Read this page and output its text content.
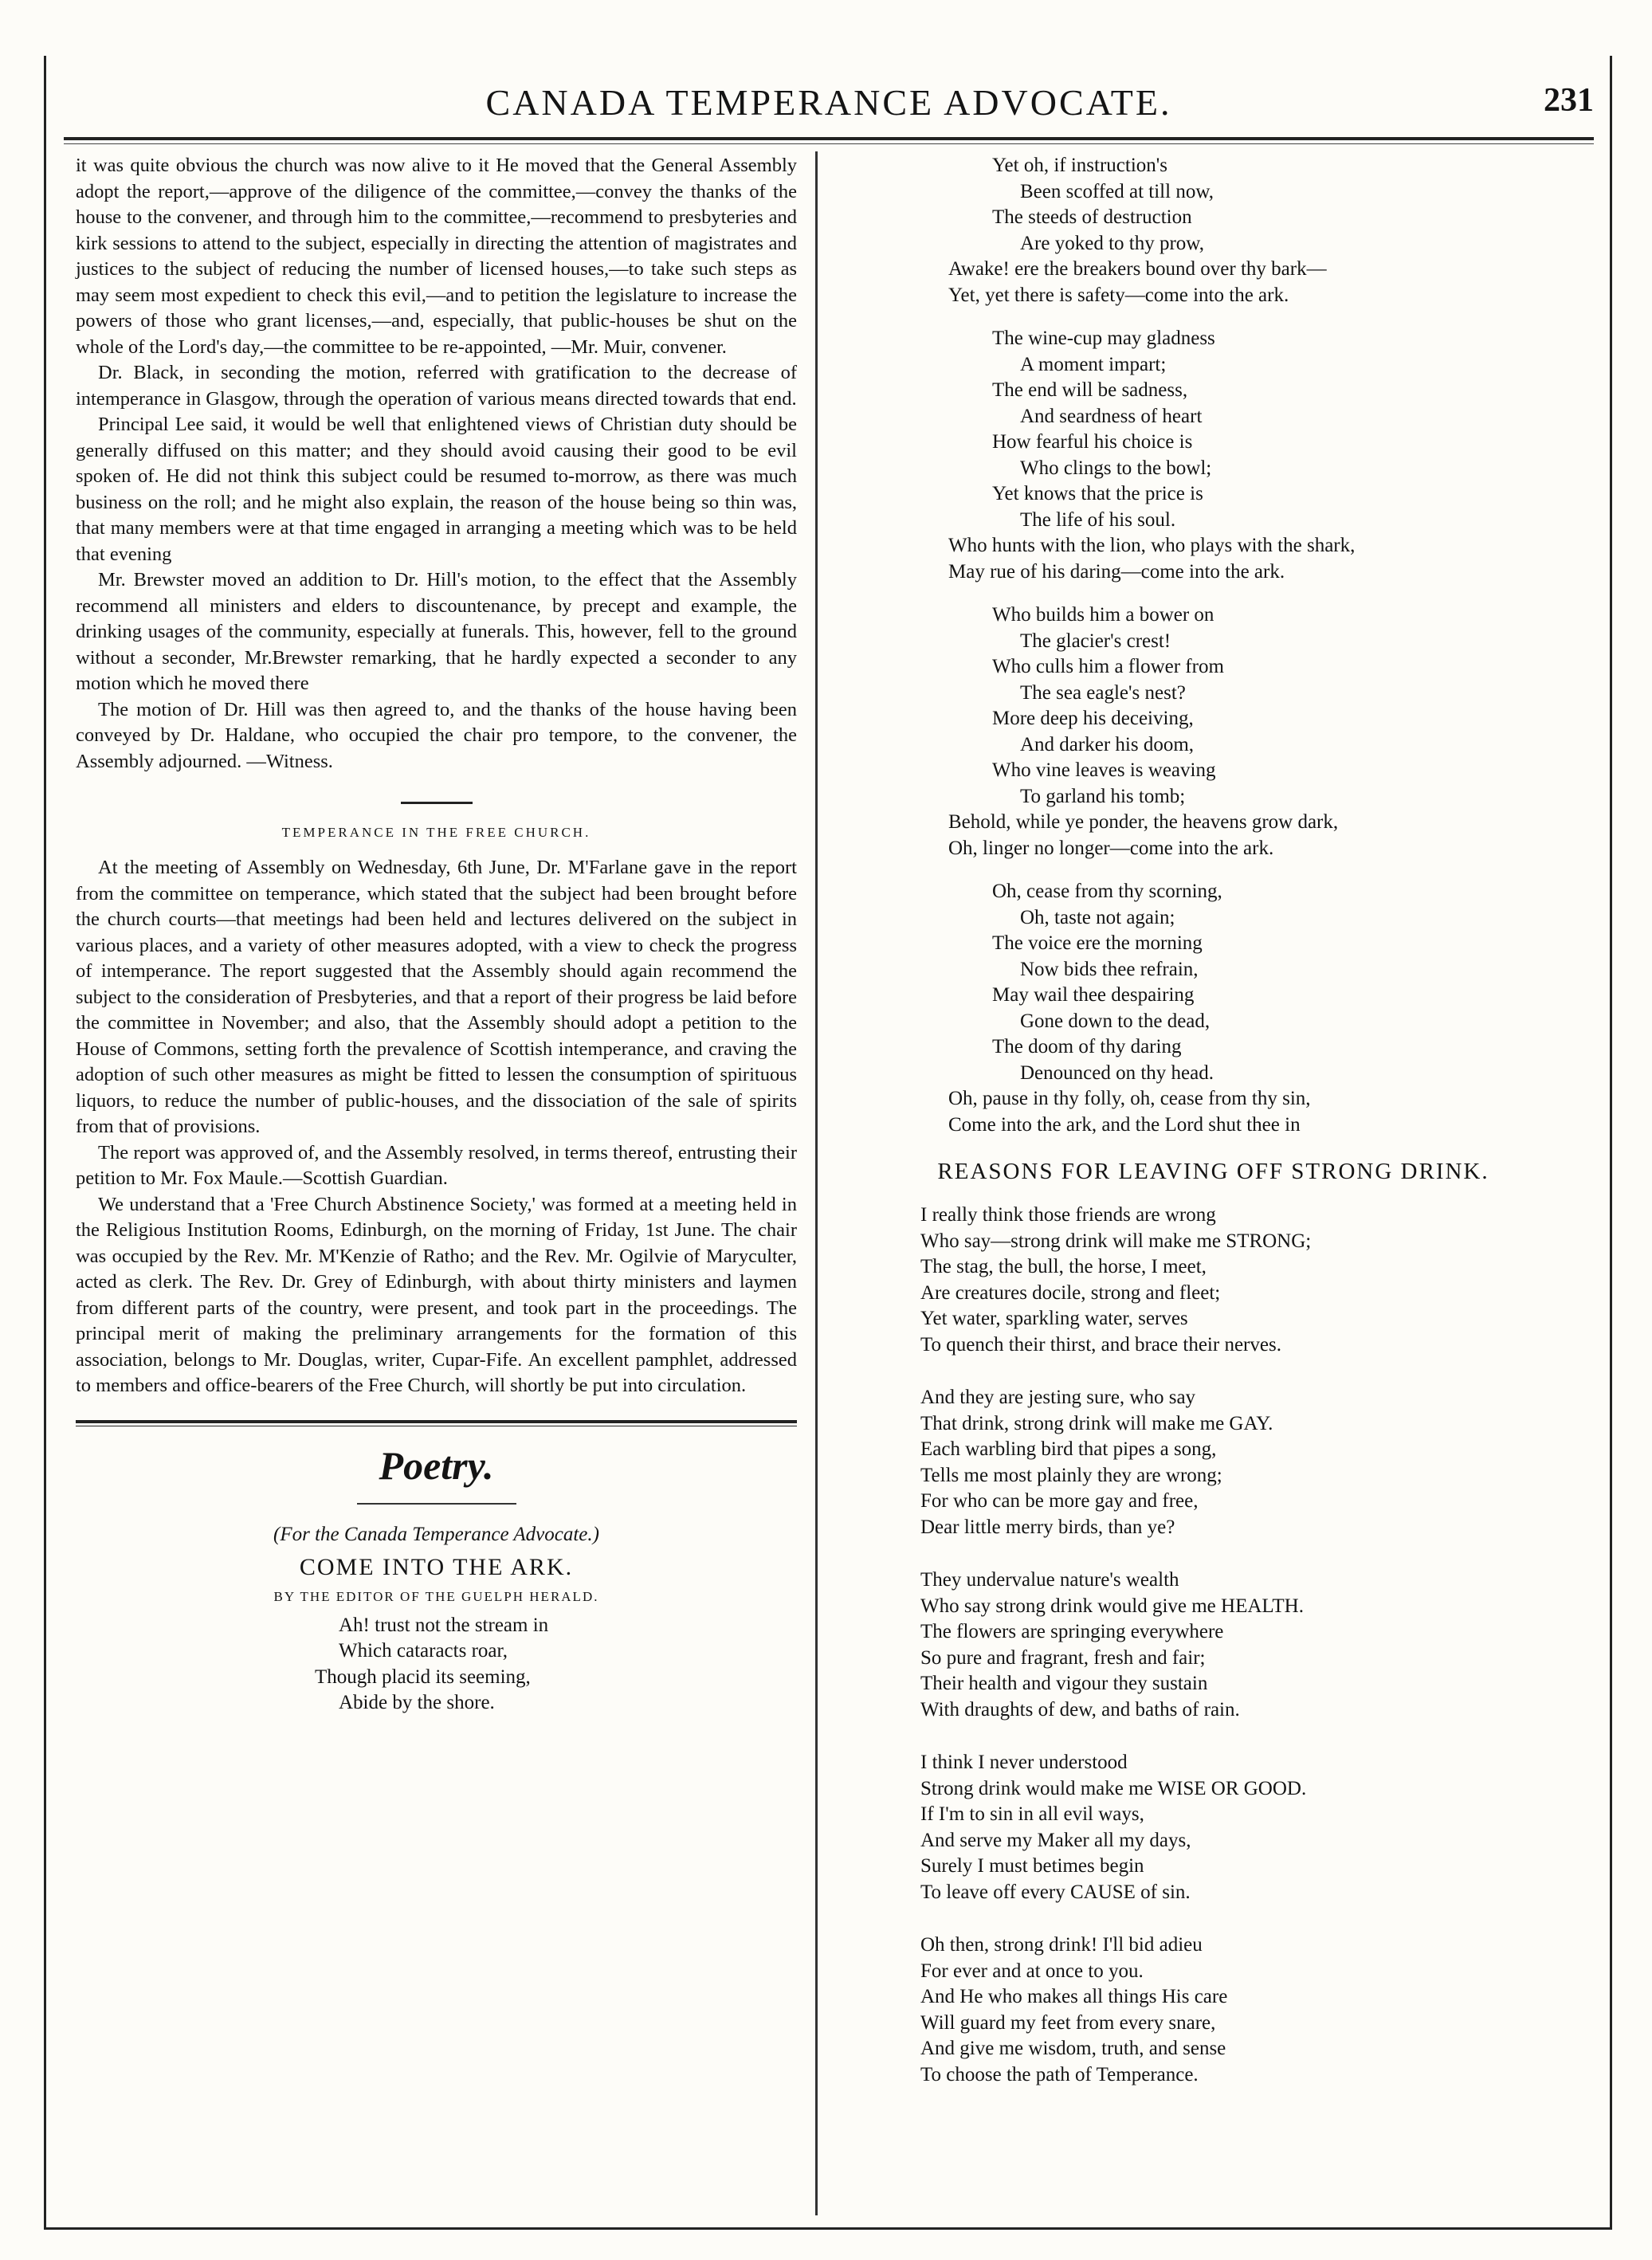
CANADA TEMPERANCE ADVOCATE.	231

it was quite obvious the church was now alive to it He moved that the General Assembly adopt the report,—approve of the diligence of the committee,—convey the thanks of the house to the convener, and through him to the committee,—recommend to presbyteries and kirk sessions to attend to the subject, especially in directing the attention of magistrates and justices to the subject of reducing the number of licensed houses,—to take such steps as may seem most expedient to check this evil,—and to petition the legislature to increase the powers of those who grant licenses,—and, especially, that public-houses be shut on the whole of the Lord's day,—the committee to be re-appointed, —Mr. Muir, convener.

Dr. Black, in seconding the motion, referred with gratification to the decrease of intemperance in Glasgow, through the operation of various means directed towards that end.

Principal Lee said, it would be well that enlightened views of Christian duty should be generally diffused on this matter; and they should avoid causing their good to be evil spoken of. He did not think this subject could be resumed to-morrow, as there was much business on the roll; and he might also explain, the reason of the house being so thin was, that many members were at that time engaged in arranging a meeting which was to be held that evening

Mr. Brewster moved an addition to Dr. Hill's motion, to the effect that the Assembly recommend all ministers and elders to discountenance, by precept and example, the drinking usages of the community, especially at funerals. This, however, fell to the ground without a seconder, Mr.Brewster remarking, that he hardly expected a seconder to any motion which he moved there

The motion of Dr. Hill was then agreed to, and the thanks of the house having been conveyed by Dr. Haldane, who occupied the chair pro tempore, to the convener, the Assembly adjourned. —Witness.

TEMPERANCE IN THE FREE CHURCH.

At the meeting of Assembly on Wednesday, 6th June, Dr. M'Farlane gave in the report from the committee on temperance, which stated that the subject had been brought before the church courts—that meetings had been held and lectures delivered on the subject in various places, and a variety of other measures adopted, with a view to check the progress of intemperance. The report suggested that the Assembly should again recommend the subject to the consideration of Presbyteries, and that a report of their progress be laid before the committee in November; and also, that the Assembly should adopt a petition to the House of Commons, setting forth the prevalence of Scottish intemperance, and craving the adoption of such other measures as might be fitted to lessen the consumption of spirituous liquors, to reduce the number of public-houses, and the dissociation of the sale of spirits from that of provisions.

The report was approved of, and the Assembly resolved, in terms thereof, entrusting their petition to Mr. Fox Maule.—Scottish Guardian.

We understand that a 'Free Church Abstinence Society,' was formed at a meeting held in the Religious Institution Rooms, Edinburgh, on the morning of Friday, 1st June. The chair was occupied by the Rev. Mr. M'Kenzie of Ratho; and the Rev. Mr. Ogilvie of Maryculter, acted as clerk. The Rev. Dr. Grey of Edinburgh, with about thirty ministers and laymen from different parts of the country, were present, and took part in the proceedings. The principal merit of making the preliminary arrangements for the formation of this association, belongs to Mr. Douglas, writer, Cupar-Fife. An excellent pamphlet, addressed to members and office-bearers of the Free Church, will shortly be put into circulation.

Poetry.
(For the Canada Temperance Advocate.)
COME INTO THE ARK.
BY THE EDITOR OF THE GUELPH HERALD.
Ah! trust not the stream in
Which cataracts roar,
Though placid its seeming,
Abide by the shore.
Yet oh, if instruction's
Been scoffed at till now,
The steeds of destruction
Are yoked to thy prow,
Awake! ere the breakers bound over thy bark—
Yet, yet there is safety—come into the ark.
The wine-cup may gladness
A moment impart;
The end will be sadness,
And seardness of heart
How fearful his choice is
Who clings to the bowl;
Yet knows that the price is
The life of his soul.
Who hunts with the lion, who plays with the shark,
May rue of his daring—come into the ark.
Who builds him a bower on
The glacier's crest!
Who culls him a flower from
The sea eagle's nest?
More deep his deceiving,
And darker his doom,
Who vine leaves is weaving
To garland his tomb;
Behold, while ye ponder, the heavens grow dark,
Oh, linger no longer—come into the ark.
Oh, cease from thy scorning,
Oh, taste not again;
The voice ere the morning
Now bids thee refrain,
May wail thee despairing
Gone down to the dead,
The doom of thy daring
Denounced on thy head.
Oh, pause in thy folly, oh, cease from thy sin,
Come into the ark, and the Lord shut thee in
REASONS FOR LEAVING OFF STRONG DRINK.
I really think those friends are wrong
Who say—strong drink will make me STRONG;
The stag, the bull, the horse, I meet,
Are creatures docile, strong and fleet;
Yet water, sparkling water, serves
To quench their thirst, and brace their nerves.
And they are jesting sure, who say
That drink, strong drink will make me GAY.
Each warbling bird that pipes a song,
Tells me most plainly they are wrong;
For who can be more gay and free,
Dear little merry birds, than ye?
They undervalue nature's wealth
Who say strong drink would give me HEALTH.
The flowers are springing everywhere
So pure and fragrant, fresh and fair;
Their health and vigour they sustain
With draughts of dew, and baths of rain.
I think I never understood
Strong drink would make me WISE OR GOOD.
If I'm to sin in all evil ways,
And serve my Maker all my days,
Surely I must betimes begin
To leave off every CAUSE of sin.
Oh then, strong drink! I'll bid adieu
For ever and at once to you.
And He who makes all things His care
Will guard my feet from every snare,
And give me wisdom, truth, and sense
To choose the path of Temperance.
